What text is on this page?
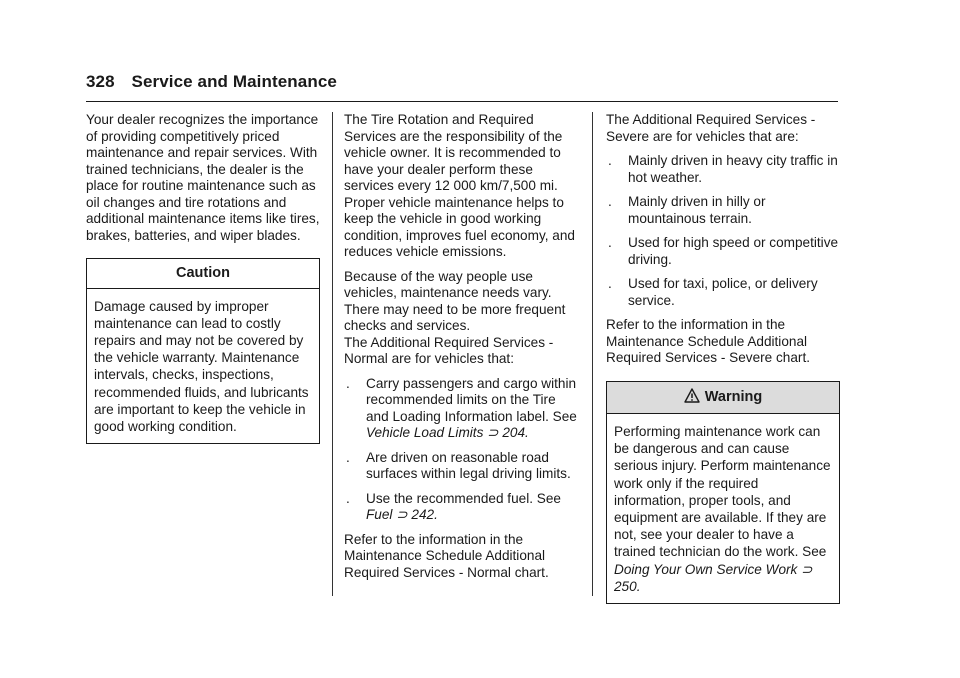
328 Service and Maintenance

Your dealer recognizes the importance of providing competitively priced maintenance and repair services. With trained technicians, the dealer is the place for routine maintenance such as oil changes and tire rotations and additional maintenance items like tires, brakes, batteries, and wiper blades.

Caution
Damage caused by improper maintenance can lead to costly repairs and may not be covered by the vehicle warranty. Maintenance intervals, checks, inspections, recommended fluids, and lubricants are important to keep the vehicle in good working condition.

The Tire Rotation and Required Services are the responsibility of the vehicle owner. It is recommended to have your dealer perform these services every 12 000 km/7,500 mi. Proper vehicle maintenance helps to keep the vehicle in good working condition, improves fuel economy, and reduces vehicle emissions.

Because of the way people use vehicles, maintenance needs vary. There may need to be more frequent checks and services.
The Additional Required Services - Normal are for vehicles that:

. Carry passengers and cargo within recommended limits on the Tire and Loading Information label. See Vehicle Load Limits ⊃ 204.
. Are driven on reasonable road surfaces within legal driving limits.
. Use the recommended fuel. See
Fuel ⊃ 242.

Refer to the information in the Maintenance Schedule Additional Required Services - Normal chart.

The Additional Required Services - Severe are for vehicles that are:

. Mainly driven in heavy city traffic in hot weather.
. Mainly driven in hilly or mountainous terrain.
. Used for high speed or competitive driving.
. Used for taxi, police, or delivery service.

Refer to the information in the Maintenance Schedule Additional Required Services - Severe chart.

Warning
Performing maintenance work can be dangerous and can cause serious injury. Perform maintenance work only if the required information, proper tools, and equipment are available. If they are not, see your dealer to have a trained technician do the work. See Doing Your Own Service Work ⊃ 250.
